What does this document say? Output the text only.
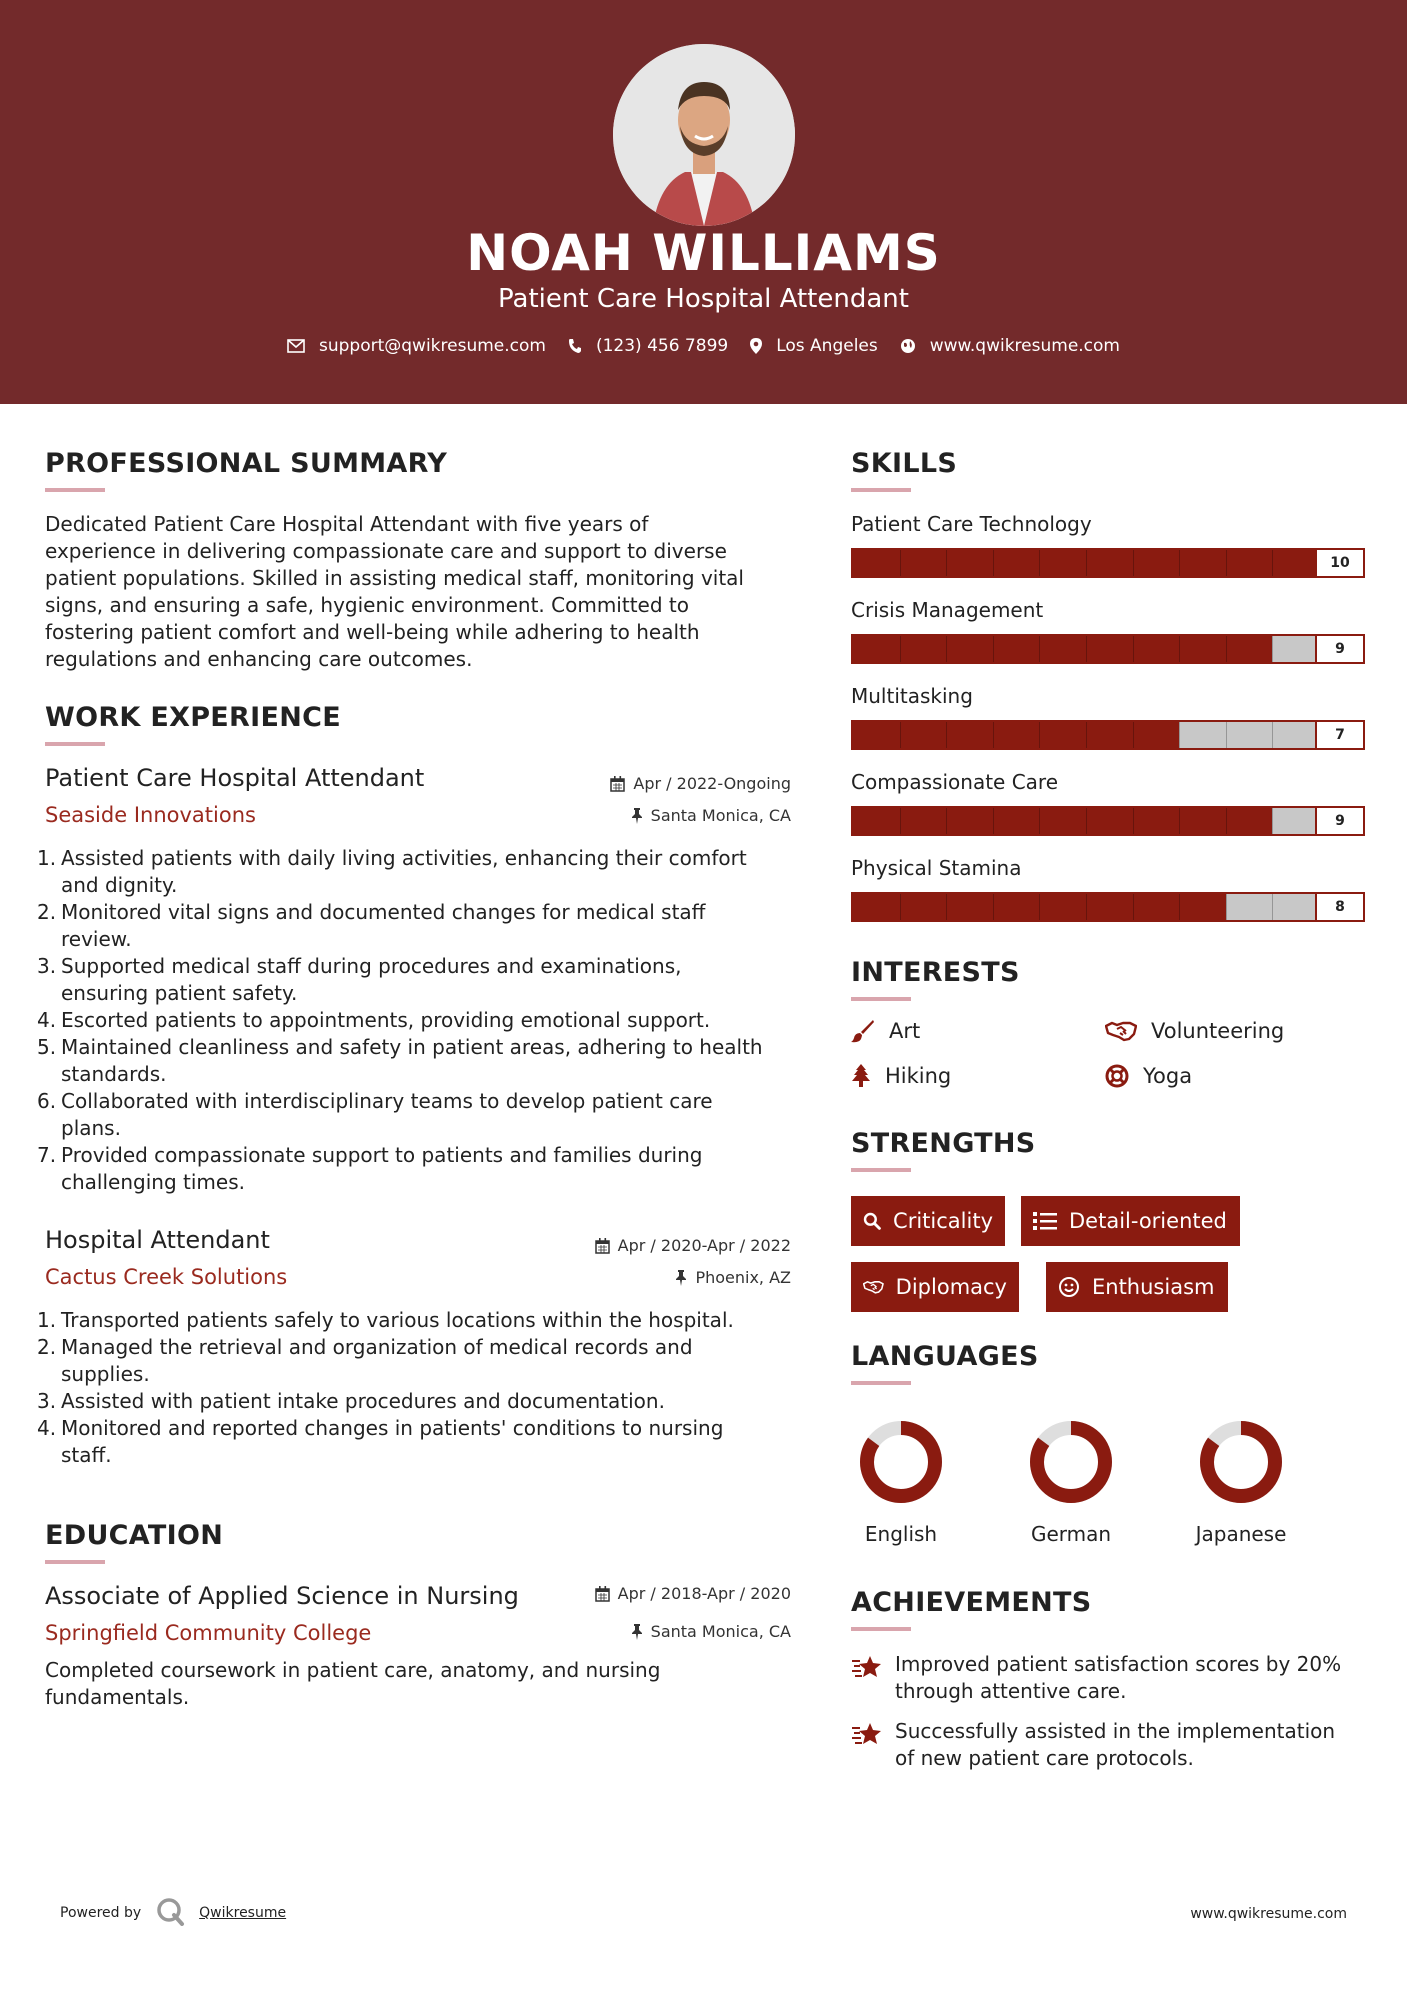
NOAH WILLIAMS
Patient Care Hospital Attendant
support@qwikresume.com	(123) 456 7899	Los Angeles	www.qwikresume.com
PROFESSIONAL SUMMARY
Dedicated Patient Care Hospital Attendant with five years of
experience in delivering compassionate care and support to diverse
patient populations. Skilled in assisting medical staff, monitoring vital
signs, and ensuring a safe, hygienic environment. Committed to
fostering patient comfort and well-being while adhering to health
regulations and enhancing care outcomes.
WORK EXPERIENCE
Patient Care Hospital Attendant
Seaside Innovations
Apr / 2022-Ongoing
Santa Monica, CA
1. Assisted patients with daily living activities, enhancing their comfort
and dignity.
2. Monitored vital signs and documented changes for medical staff
review.
3. Supported medical staff during procedures and examinations,
ensuring patient safety.
4. Escorted patients to appointments, providing emotional support.
5. Maintained cleanliness and safety in patient areas, adhering to health
standards.
6. Collaborated with interdisciplinary teams to develop patient care
plans.
7. Provided compassionate support to patients and families during
challenging times.
Hospital Attendant
Cactus Creek Solutions
Apr / 2020-Apr / 2022
Phoenix, AZ
1. Transported patients safely to various locations within the hospital.
2. Managed the retrieval and organization of medical records and
supplies.
3. Assisted with patient intake procedures and documentation.
4. Monitored and reported changes in patients' conditions to nursing
staff.
EDUCATION
Associate of Applied Science in Nursing
Springfield Community College
Apr / 2018-Apr / 2020
Santa Monica, CA
Completed coursework in patient care, anatomy, and nursing
fundamentals.
SKILLS
Patient Care Technology
10
Crisis Management
9
Multitasking
7
Compassionate Care
9
Physical Stamina
8
INTERESTS
Art	Volunteering
Hiking	Yoga
STRENGTHS
Criticality	Detail-oriented
Diplomacy	Enthusiasm
LANGUAGES
English	German	Japanese
ACHIEVEMENTS
Improved patient satisfaction scores by 20%
through attentive care.
Successfully assisted in the implementation
of new patient care protocols.
Powered by	Qwikresume	www.qwikresume.com
